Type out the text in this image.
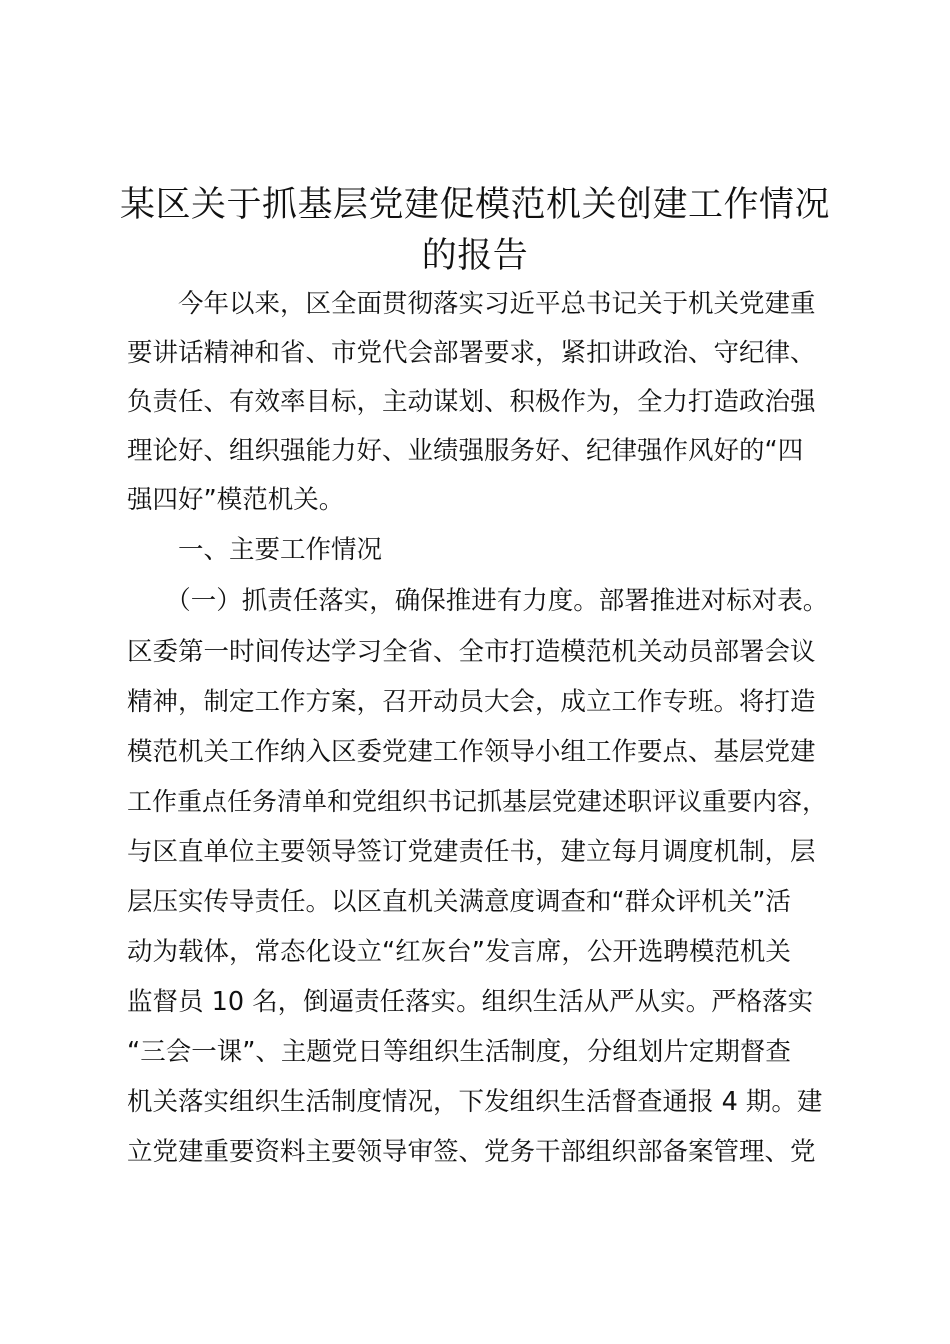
某区关于抓基层党建促模范机关创建工作情况
的报告
　　今年以来，区全面贯彻落实习近平总书记关于机关党建重
要讲话精神和省、市党代会部署要求，紧扣讲政治、守纪律、
负责任、有效率目标，主动谋划、积极作为，全力打造政治强
理论好、组织强能力好、业绩强服务好、纪律强作风好的“四
强四好”模范机关。
　　一、主要工作情况
　　（一）抓责任落实，确保推进有力度。部署推进对标对表。
区委第一时间传达学习全省、全市打造模范机关动员部署会议
精神，制定工作方案，召开动员大会，成立工作专班。将打造
模范机关工作纳入区委党建工作领导小组工作要点、基层党建
工作重点任务清单和党组织书记抓基层党建述职评议重要内容，
与区直单位主要领导签订党建责任书，建立每月调度机制，层
层压实传导责任。以区直机关满意度调查和“群众评机关”活
动为载体，常态化设立“红灰台”发言席，公开选聘模范机关
监督员 10 名，倒逼责任落实。组织生活从严从实。严格落实
“三会一课”、主题党日等组织生活制度，分组划片定期督查
机关落实组织生活制度情况，下发组织生活督查通报 4 期。建
立党建重要资料主要领导审签、党务干部组织部备案管理、党
